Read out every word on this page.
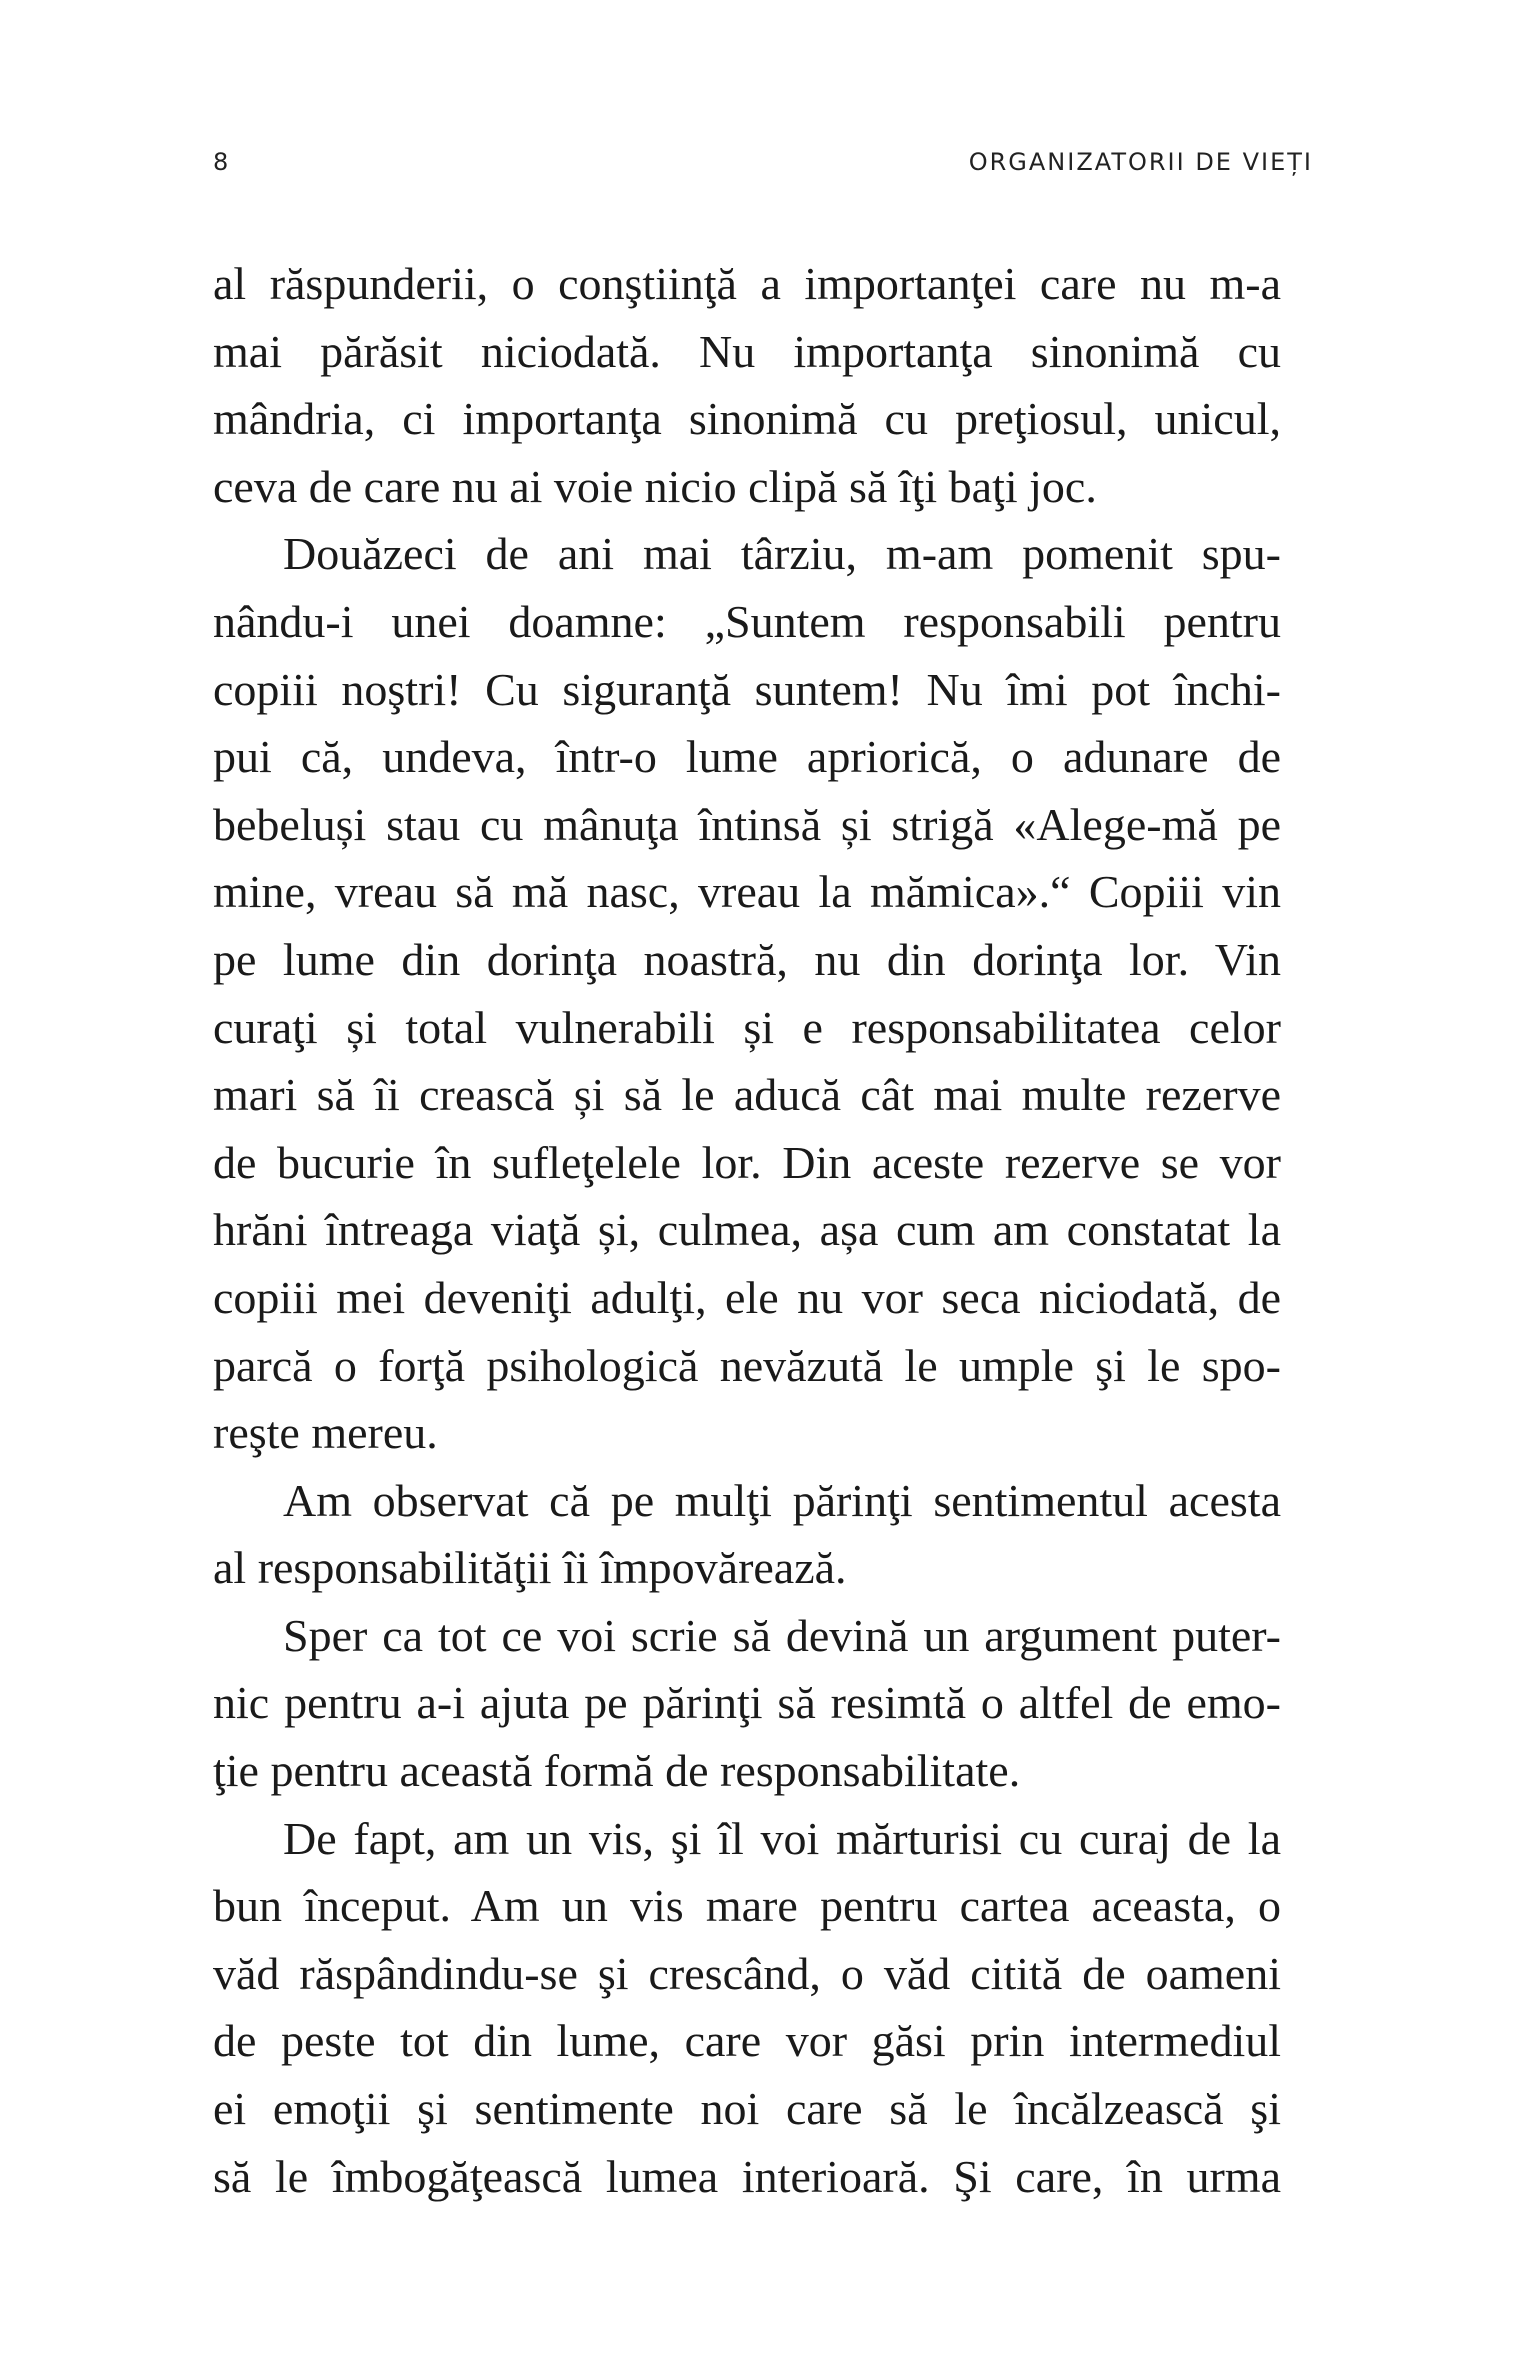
8	ORGANIZATORII DE VIEȚI
al răspunderii, o conştiinţă a importanţei care nu m-a
mai părăsit niciodată. Nu importanţa sinonimă cu
mândria, ci importanţa sinonimă cu preţiosul, unicul,
ceva de care nu ai voie nicio clipă să îţi baţi joc.
Douăzeci de ani mai târziu, m-am pomenit spu-
nându-i unei doamne: „Suntem responsabili pentru
copiii noştri! Cu siguranţă suntem! Nu îmi pot închi-
pui că, undeva, într-o lume apriorică, o adunare de
bebeluși stau cu mânuţa întinsă și strigă «Alege-mă pe
mine, vreau să mă nasc, vreau la mămica».“ Copiii vin
pe lume din dorinţa noastră, nu din dorinţa lor. Vin
curaţi și total vulnerabili și e responsabilitatea celor
mari să îi crească și să le aducă cât mai multe rezerve
de bucurie în sufleţelele lor. Din aceste rezerve se vor
hrăni întreaga viaţă și, culmea, așa cum am constatat la
copiii mei deveniţi adulţi, ele nu vor seca niciodată, de
parcă o forţă psihologică nevăzută le umple şi le spo-
reşte mereu.
Am observat că pe mulţi părinţi sentimentul acesta
al responsabilităţii îi împovărează.
Sper ca tot ce voi scrie să devină un argument puter-
nic pentru a-i ajuta pe părinţi să resimtă o altfel de emo-
ţie pentru această formă de responsabilitate.
De fapt, am un vis, şi îl voi mărturisi cu curaj de la
bun început. Am un vis mare pentru cartea aceasta, o
văd răspândindu-se şi crescând, o văd citită de oameni
de peste tot din lume, care vor găsi prin intermediul
ei emoţii şi sentimente noi care să le încălzească şi
să le îmbogăţească lumea interioară. Şi care, în urma
